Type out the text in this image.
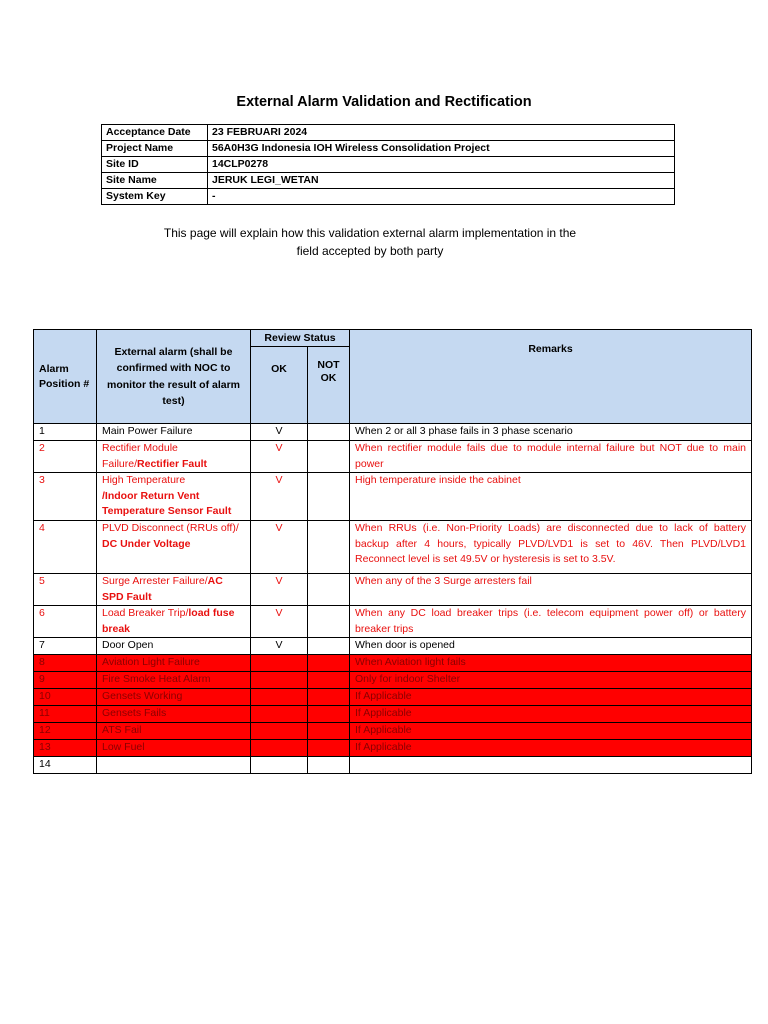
External Alarm Validation and Rectification
Acceptance Date	23 FEBRUARI 2024
Project Name	56A0H3G Indonesia IOH Wireless Consolidation Project
Site ID	14CLP0278
Site Name	JERUK LEGI_WETAN
System Key	-
This page will explain how this validation external alarm implementation in the field accepted by both party
Alarm Position #	External alarm (shall be confirmed with NOC to monitor the result of alarm test)	Review Status		Remarks
		OK	NOT OK	
1	Main Power Failure	V		When 2 or all 3 phase fails in 3 phase scenario
2	Rectifier Module Failure/Rectifier Fault	V		When rectifier module fails due to module internal failure but NOT due to main power
3	High Temperature
/Indoor Return Vent
Temperature Sensor Fault	V		High temperature inside the cabinet
4	PLVD Disconnect (RRUs off)/ DC Under Voltage	V		When RRUs (i.e. Non-Priority Loads) are disconnected due to lack of battery backup after 4 hours, typically PLVD/LVD1 is set to 46V. Then PLVD/LVD1 Reconnect level is set 49.5V or hysteresis is set to 3.5V.
5	Surge Arrester Failure/AC SPD Fault	V		When any of the 3 Surge arresters fail
6	Load Breaker Trip/load fuse break	V		When any DC load breaker trips (i.e. telecom equipment power off) or battery breaker trips
7	Door Open	V		When door is opened
8	Aviation Light Failure			When Aviation light fails
9	Fire Smoke Heat Alarm			Only for indoor Shelter
10	Gensets Working			If Applicable
11	Gensets Fails			If Applicable
12	ATS Fail			If Applicable
13	Low Fuel			If Applicable
14				
